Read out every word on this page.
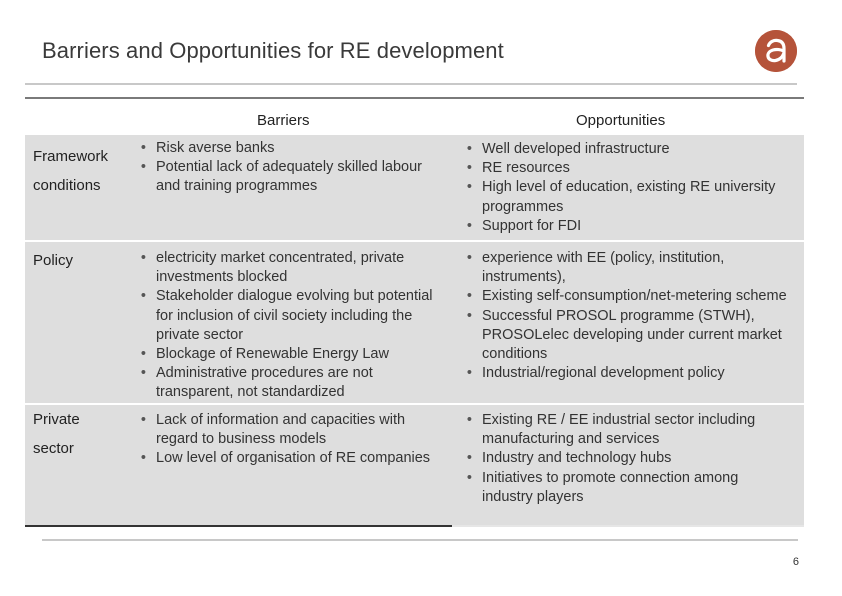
Barriers and Opportunities for RE development
Barriers	Opportunities
Framework
conditions
• Risk averse banks
• Potential lack of adequately skilled labour and training programmes
• Well developed infrastructure
• RE resources
• High level of education, existing RE university programmes
• Support for FDI
Policy
•	electricity market concentrated, private investments blocked
• Stakeholder dialogue evolving but potential for inclusion of civil society including the private sector
• Blockage of Renewable Energy Law
• Administrative procedures are not transparent, not standardized
• experience with EE (policy, institution, instruments),
• Existing self-consumption/net-metering scheme
• Successful PROSOL programme (STWH), PROSOLelec developing under current market conditions
• Industrial/regional development policy
Private
sector
• Lack of information and capacities with regard to business models
• Low level of organisation of RE companies
• Existing RE / EE industrial sector including manufacturing and services
• Industry and technology hubs
• Initiatives to promote connection among industry players
6
